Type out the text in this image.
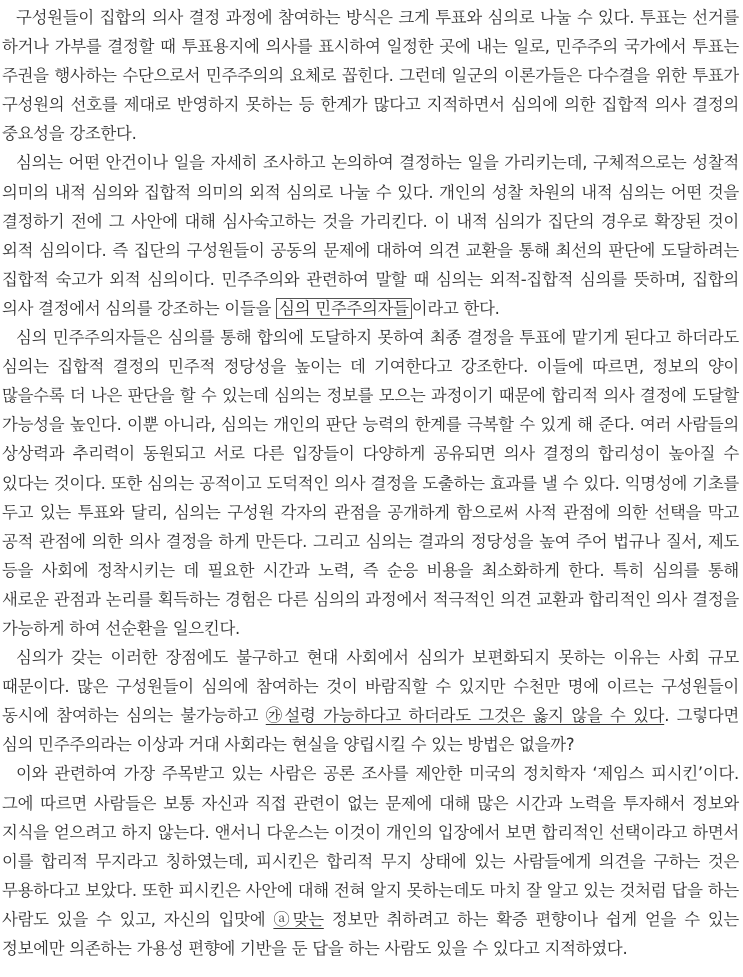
구성원들이 집합의 의사 결정 과정에 참여하는 방식은 크게 투표와 심의로 나눌 수 있다. 투표는 선거를 하거나 가부를 결정할 때 투표용지에 의사를 표시하여 일정한 곳에 내는 일로, 민주주의 국가에서 투표는 주권을 행사하는 수단으로서 민주주의의 요체로 꼽힌다. 그런데 일군의 이론가들은 다수결을 위한 투표가 구성원의 선호를 제대로 반영하지 못하는 등 한계가 많다고 지적하면서 심의에 의한 집합적 의사 결정의 중요성을 강조한다.

심의는 어떤 안건이나 일을 자세히 조사하고 논의하여 결정하는 일을 가리키는데, 구체적으로는 성찰적 의미의 내적 심의와 집합적 의미의 외적 심의로 나눌 수 있다. 개인의 성찰 차원의 내적 심의는 어떤 것을 결정하기 전에 그 사안에 대해 심사숙고하는 것을 가리킨다. 이 내적 심의가 집단의 경우로 확장된 것이 외적 심의이다. 즉 집단의 구성원들이 공동의 문제에 대하여 의견 교환을 통해 최선의 판단에 도달하려는 집합적 숙고가 외적 심의이다. 민주주의와 관련하여 말할 때 심의는 외적-집합적 심의를 뜻하며, 집합의 의사 결정에서 심의를 강조하는 이들을 심의 민주주의자들 이라고 한다.

심의 민주주의자들은 심의를 통해 합의에 도달하지 못하여 최종 결정을 투표에 맡기게 된다고 하더라도 심의는 집합적 결정의 민주적 정당성을 높이는 데 기여한다고 강조한다. 이들에 따르면, 정보의 양이 많을수록 더 나은 판단을 할 수 있는데 심의는 정보를 모으는 과정이기 때문에 합리적 의사 결정에 도달할 가능성을 높인다. 이뿐 아니라, 심의는 개인의 판단 능력의 한계를 극복할 수 있게 해 준다. 여러 사람들의 상상력과 추리력이 동원되고 서로 다른 입장들이 다양하게 공유되면 의사 결정의 합리성이 높아질 수 있다는 것이다. 또한 심의는 공적이고 도덕적인 의사 결정을 도출하는 효과를 낼 수 있다. 익명성에 기초를 두고 있는 투표와 달리, 심의는 구성원 각자의 관점을 공개하게 함으로써 사적 관점에 의한 선택을 막고 공적 관점에 의한 의사 결정을 하게 만든다. 그리고 심의는 결과의 정당성을 높여 주어 법규나 질서, 제도 등을 사회에 정착시키는 데 필요한 시간과 노력, 즉 순응 비용을 최소화하게 한다. 특히 심의를 통해 새로운 관점과 논리를 획득하는 경험은 다른 심의의 과정에서 적극적인 의견 교환과 합리적인 의사 결정을 가능하게 하여 선순환을 일으킨다.

심의가 갖는 이러한 장점에도 불구하고 현대 사회에서 심의가 보편화되지 못하는 이유는 사회 규모 때문이다. 많은 구성원들이 심의에 참여하는 것이 바람직할 수 있지만 수천만 명에 이르는 구성원들이 동시에 참여하는 심의는 불가능하고 ㉮설령 가능하다고 하더라도 그것은 옳지 않을 수 있다. 그렇다면 심의 민주주의라는 이상과 거대 사회라는 현실을 양립시킬 수 있는 방법은 없을까?

이와 관련하여 가장 주목받고 있는 사람은 공론 조사를 제안한 미국의 정치학자 ‘제임스 피시킨’이다. 그에 따르면 사람들은 보통 자신과 직접 관련이 없는 문제에 대해 많은 시간과 노력을 투자해서 정보와 지식을 얻으려고 하지 않는다. 앤서니 다운스는 이것이 개인의 입장에서 보면 합리적인 선택이라고 하면서 이를 합리적 무지라고 칭하였는데, 피시킨은 합리적 무지 상태에 있는 사람들에게 의견을 구하는 것은 무용하다고 보았다. 또한 피시킨은 사안에 대해 전혀 알지 못하는데도 마치 잘 알고 있는 것처럼 답을 하는 사람도 있을 수 있고, 자신의 입맛에 ⓐ맞는 정보만 취하려고 하는 확증 편향이나 쉽게 얻을 수 있는 정보에만 의존하는 가용성 편향에 기반을 둔 답을 하는 사람도 있을 수 있다고 지적하였다.
